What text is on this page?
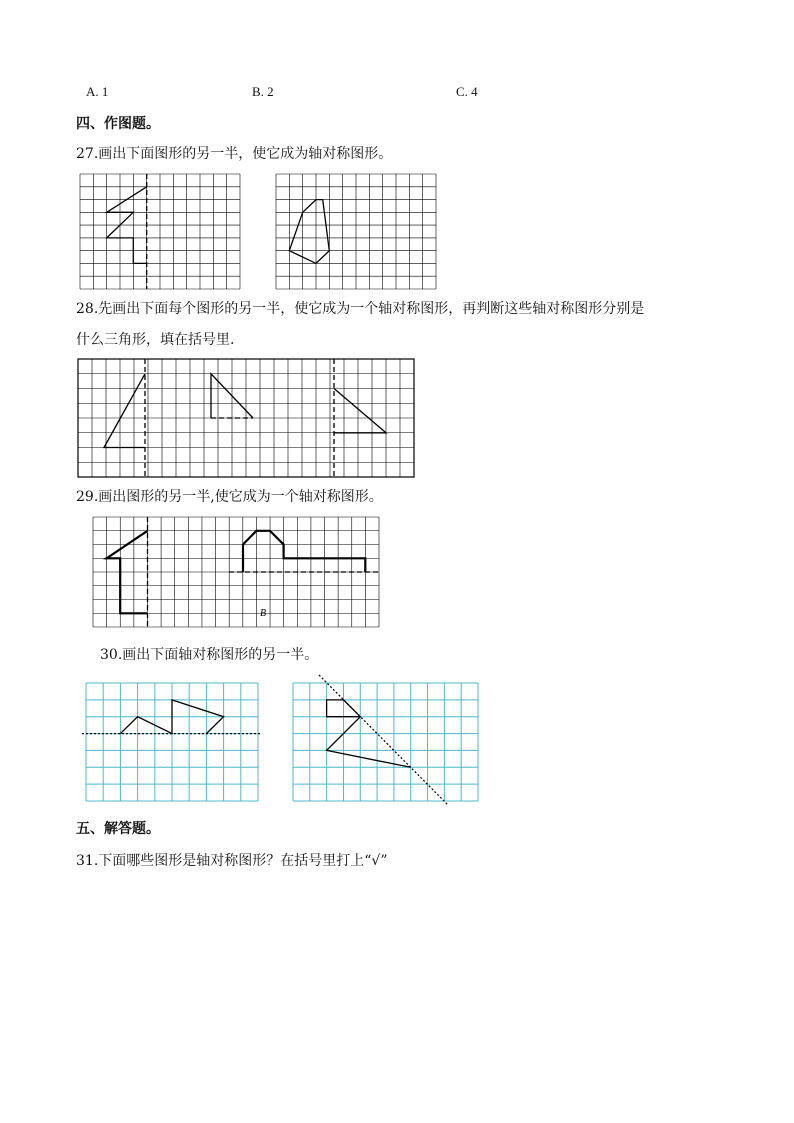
A. 1	B. 2	C. 4
四、作图题。
27.画出下面图形的另一半，使它成为轴对称图形。
28.先画出下面每个图形的另一半，使它成为一个轴对称图形，再判断这些轴对称图形分别是
什么三角形，填在括号里.
29.画出图形的另一半,使它成为一个轴对称图形。
B
30.画出下面轴对称图形的另一半。
五、解答题。
31.下面哪些图形是轴对称图形？在括号里打上“√”
